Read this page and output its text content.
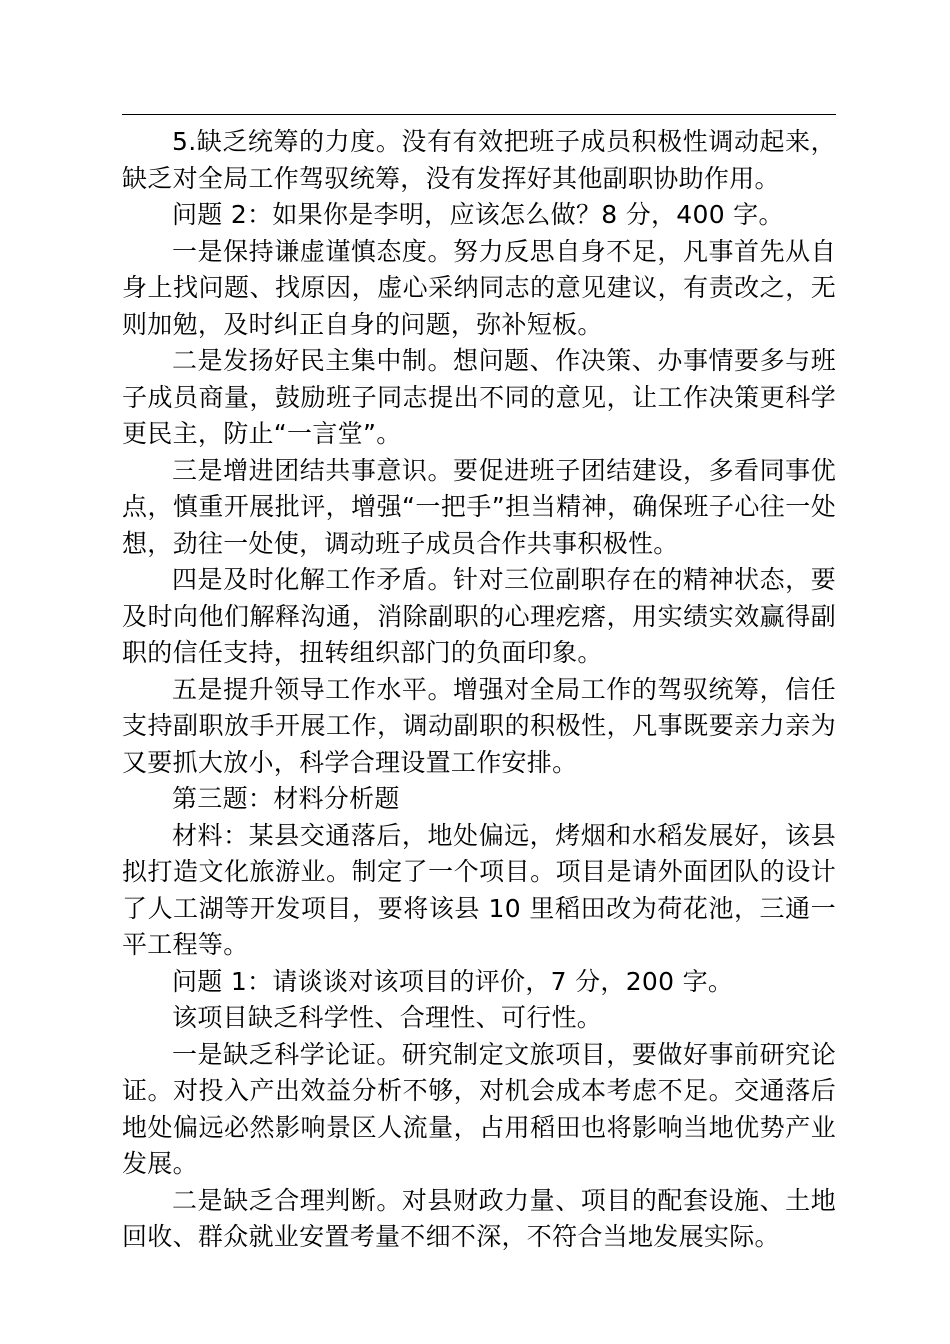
5.缺乏统筹的力度。没有有效把班子成员积极性调动起来，缺乏对全局工作驾驭统筹，没有发挥好其他副职协助作用。

问题 2：如果你是李明，应该怎么做？8 分，400 字。

一是保持谦虚谨慎态度。努力反思自身不足，凡事首先从自身上找问题、找原因，虚心采纳同志的意见建议，有责改之，无则加勉，及时纠正自身的问题，弥补短板。

二是发扬好民主集中制。想问题、作决策、办事情要多与班子成员商量，鼓励班子同志提出不同的意见，让工作决策更科学更民主，防止“一言堂”。

三是增进团结共事意识。要促进班子团结建设，多看同事优点，慎重开展批评，增强“一把手”担当精神，确保班子心往一处想，劲往一处使，调动班子成员合作共事积极性。

四是及时化解工作矛盾。针对三位副职存在的精神状态，要及时向他们解释沟通，消除副职的心理疙瘩，用实绩实效赢得副职的信任支持，扭转组织部门的负面印象。

五是提升领导工作水平。增强对全局工作的驾驭统筹，信任支持副职放手开展工作，调动副职的积极性，凡事既要亲力亲为又要抓大放小，科学合理设置工作安排。

第三题：材料分析题

材料：某县交通落后，地处偏远，烤烟和水稻发展好，该县拟打造文化旅游业。制定了一个项目。项目是请外面团队的设计了人工湖等开发项目，要将该县 10 里稻田改为荷花池，三通一平工程等。

问题 1：请谈谈对该项目的评价，7 分，200 字。

该项目缺乏科学性、合理性、可行性。

一是缺乏科学论证。研究制定文旅项目，要做好事前研究论证。对投入产出效益分析不够，对机会成本考虑不足。交通落后地处偏远必然影响景区人流量，占用稻田也将影响当地优势产业发展。

二是缺乏合理判断。对县财政力量、项目的配套设施、土地回收、群众就业安置考量不细不深，不符合当地发展实际。
